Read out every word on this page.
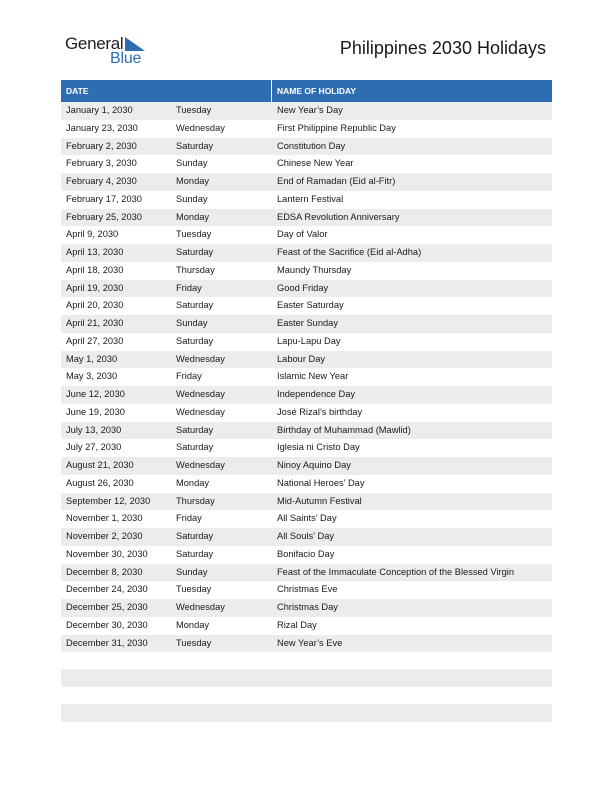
General
Blue
Philippines 2030 Holidays
DATE	NAME OF HOLIDAY
January 1, 2030	Tuesday	New Year’s Day
January 23, 2030	Wednesday	First Philippine Republic Day
February 2, 2030	Saturday	Constitution Day
February 3, 2030	Sunday	Chinese New Year
February 4, 2030	Monday	End of Ramadan (Eid al-Fitr)
February 17, 2030	Sunday	Lantern Festival
February 25, 2030	Monday	EDSA Revolution Anniversary
April 9, 2030	Tuesday	Day of Valor
April 13, 2030	Saturday	Feast of the Sacrifice (Eid al-Adha)
April 18, 2030	Thursday	Maundy Thursday
April 19, 2030	Friday	Good Friday
April 20, 2030	Saturday	Easter Saturday
April 21, 2030	Sunday	Easter Sunday
April 27, 2030	Saturday	Lapu-Lapu Day
May 1, 2030	Wednesday	Labour Day
May 3, 2030	Friday	Islamic New Year
June 12, 2030	Wednesday	Independence Day
June 19, 2030	Wednesday	José Rizal’s birthday
July 13, 2030	Saturday	Birthday of Muhammad (Mawlid)
July 27, 2030	Saturday	Iglesia ni Cristo Day
August 21, 2030	Wednesday	Ninoy Aquino Day
August 26, 2030	Monday	National Heroes’ Day
September 12, 2030	Thursday	Mid-Autumn Festival
November 1, 2030	Friday	All Saints’ Day
November 2, 2030	Saturday	All Souls’ Day
November 30, 2030	Saturday	Bonifacio Day
December 8, 2030	Sunday	Feast of the Immaculate Conception of the Blessed Virgin
December 24, 2030	Tuesday	Christmas Eve
December 25, 2030	Wednesday	Christmas Day
December 30, 2030	Monday	Rizal Day
December 31, 2030	Tuesday	New Year’s Eve
